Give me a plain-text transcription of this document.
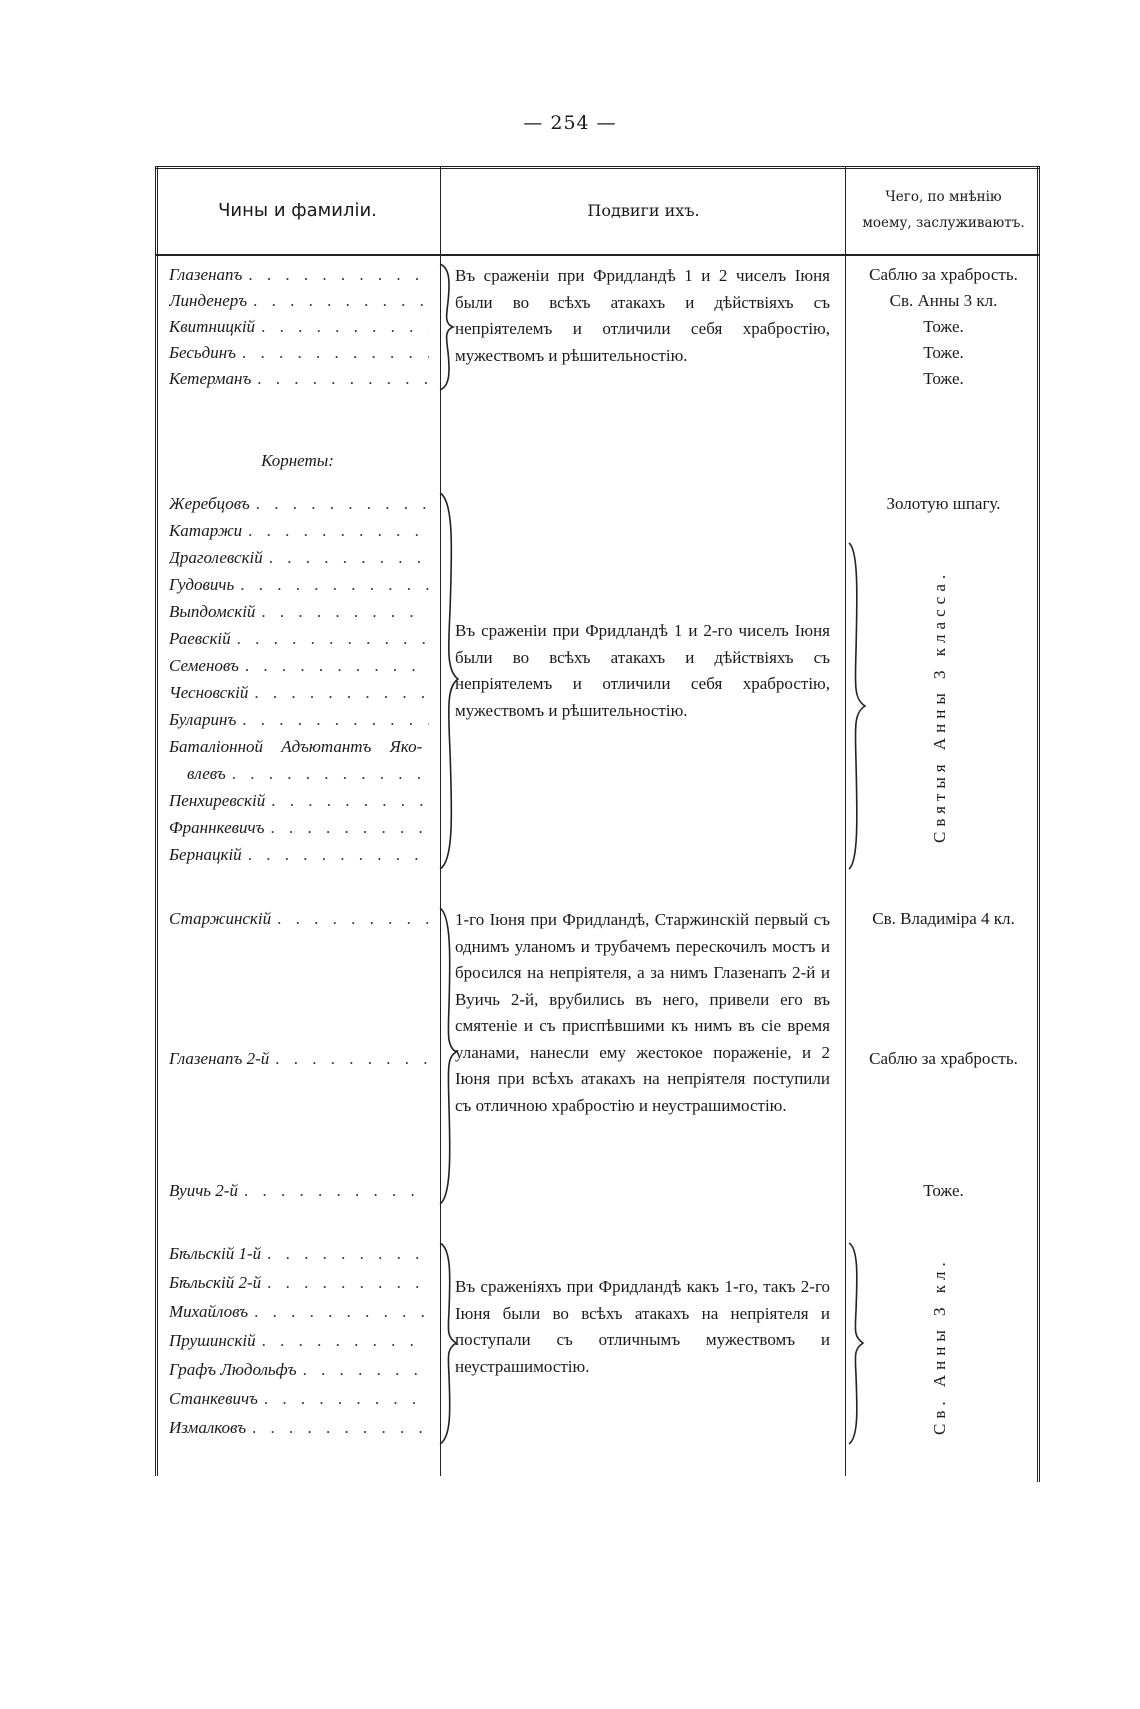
— 254 —
Чины и фамиліи.	Подвиги ихъ.
Чего, по мнѣнію
моему, заслуживаютъ.
Глазенапъ
. . .
Линденеръ
. . .
Квитницкій
. . .
Бесьдинъ
. . .
Кетерманъ
. . .
Въ сраженіи при Фридландѣ 1 и 2 чиселъ Іюня были во всѣхъ атакахъ и дѣйствіяхъ съ непріятелемъ и отличили себя храбростію, мужествомъ и рѣшительностію.
Саблю за храбрость.
Св. Анны 3 кл.
Тоже.
Тоже.
Тоже.
Корнеты:
Жеребцовъ
. . .
Катаржи
. . .
Драголевскій
. . .
Гудовичь
. . .
Выпдомскій
. . .
Раевскій
. . .
Семеновъ
. . .
Чесновскій
. . .
Булаpинъ
. . .
Баталіонной Адъютантъ Яко-
влевъ
. . .
Пенхиревскій
. . .
Франнкевичъ
. . .
Бернацкій
. . .
Въ сраженіи при Фридландѣ 1 и 2-го чиселъ Іюня были во всѣхъ атакахъ и дѣйствіяхъ съ непріятелемъ и отличили себя храбростію, мужествомъ и рѣшительностію.
Золотую шпагу.
Святыя Анны 3 класса.
Старжинскій
. . .
Глазенапъ 2-й
. . .
Вуичь 2-й
. . .
1-го Іюня при Фридландѣ, Старжинскій первый съ однимъ уланомъ и трубачемъ перескочилъ мостъ и бросился на непріятеля, а за нимъ Глазенапъ 2-й и Вуичь 2-й, врубились въ него, привели его въ смятеніе и съ приспѣвшими къ нимъ въ сіе время уланами, нанесли ему жестокое пораженіе, и 2 Іюня при всѣхъ атакахъ на непріятеля поступили съ отличною храбростію и неустрашимостію.
Св. Владиміра 4 кл.
Саблю за храбрость.
Тоже.
Бѣльскій 1-й
. . .
Бѣльскій 2-й
. . .
Михайловъ
. . .
Прушинскій
. . .
Графъ Людольфъ
. . .
Станкевичъ
. . .
Измалковъ
. . .
Въ сраженіяхъ при Фридландѣ какъ 1-го, такъ 2-го Іюня были во всѣхъ атакахъ на непріятеля и поступали съ отличнымъ мужествомъ и неустрашимостію.	Св. Анны 3 кл.
